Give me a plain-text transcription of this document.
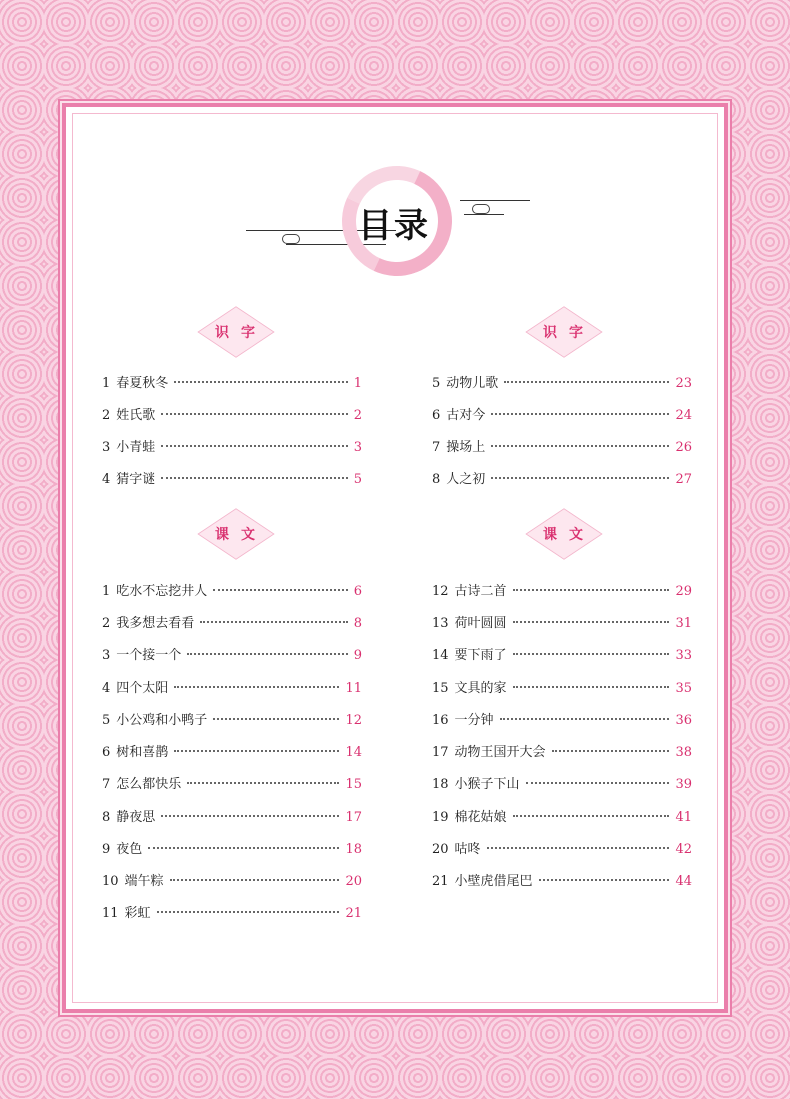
目录
识字	识字
课文	课文
1 春夏秋冬	1
2 姓氏歌	2
3 小青蛙	3
4 猜字谜	5
5 动物儿歌	23
6 古对今	24
7 操场上	26
8 人之初	27
1 吃水不忘挖井人	6
2 我多想去看看	8
3 一个接一个	9
4 四个太阳	11
5 小公鸡和小鸭子	12
6 树和喜鹊	14
7 怎么都快乐	15
8 静夜思	17
9 夜色	18
10 端午粽	20
11 彩虹	21
12 古诗二首	29
13 荷叶圆圆	31
14 要下雨了	33
15 文具的家	35
16 一分钟	36
17 动物王国开大会	38
18 小猴子下山	39
19 棉花姑娘	41
20 咕咚	42
21 小壁虎借尾巴	44
